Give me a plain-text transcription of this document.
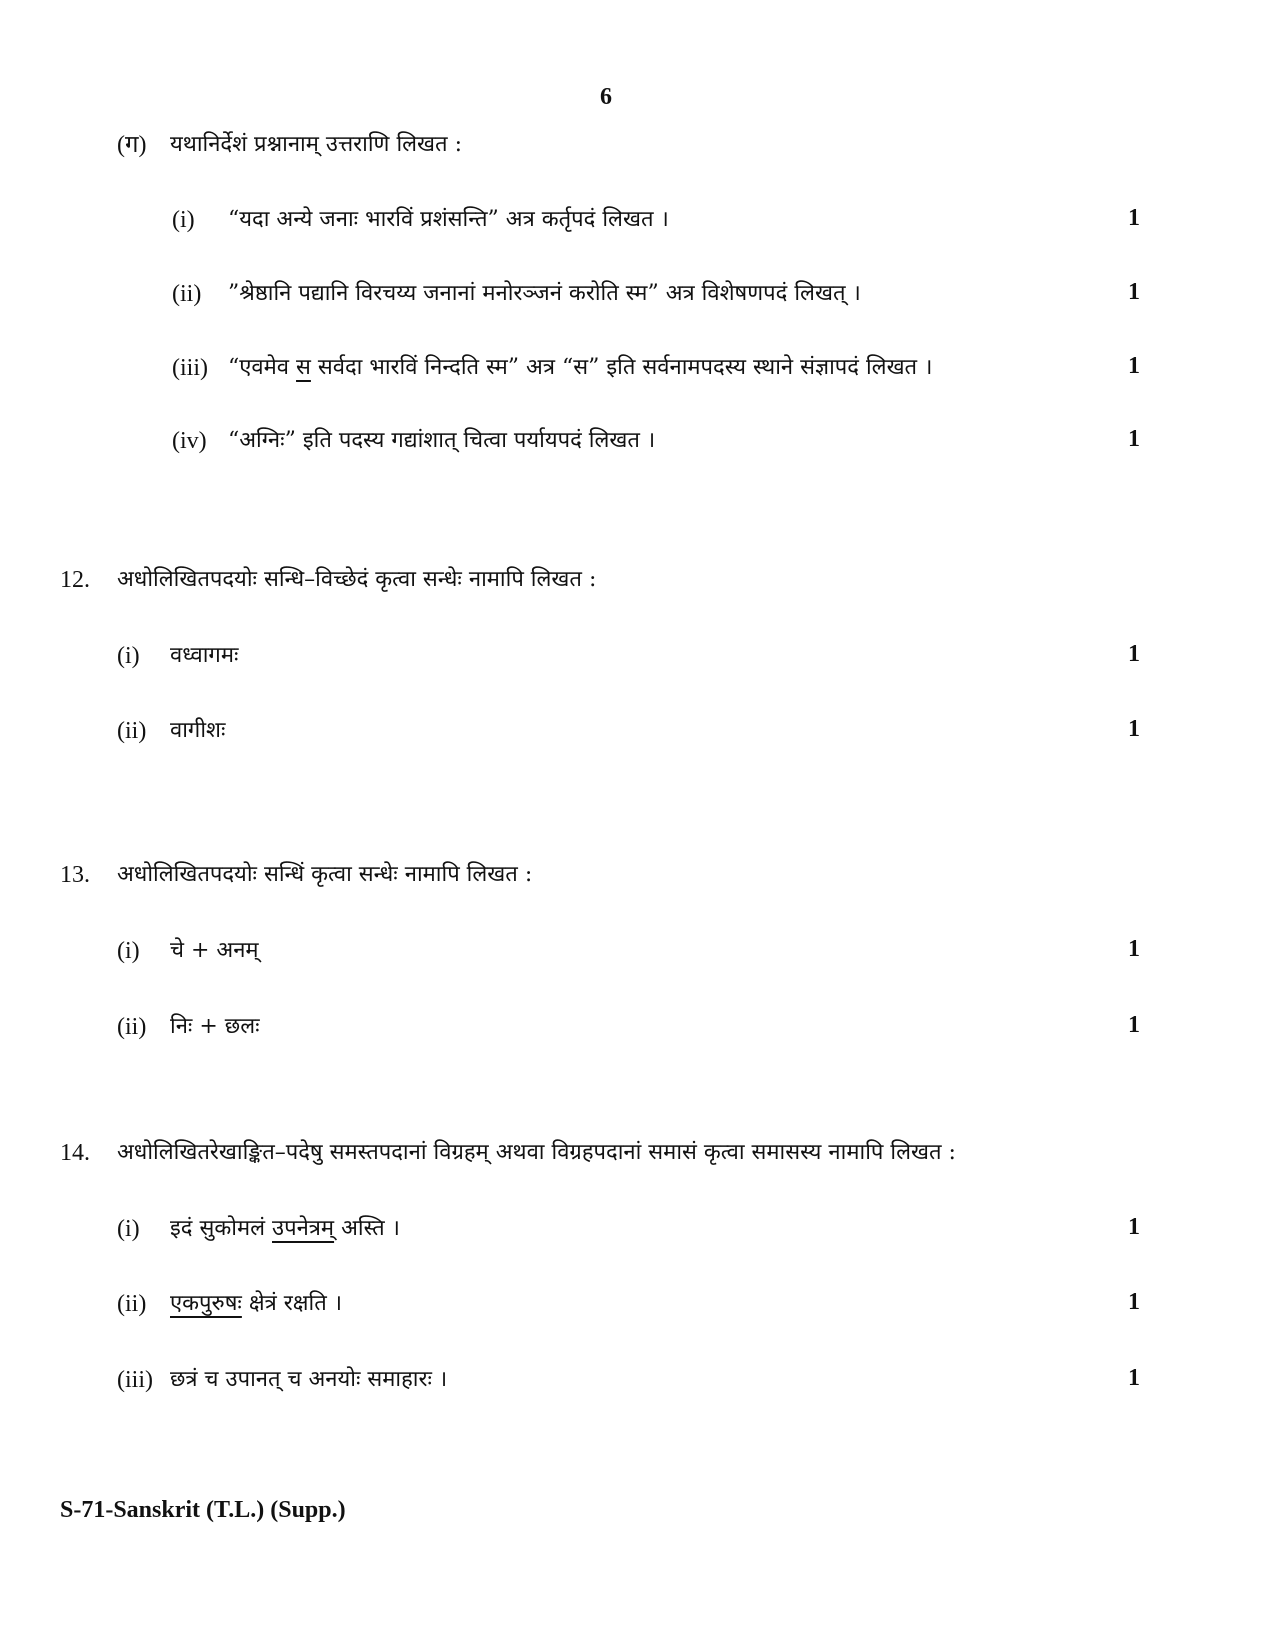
6
(ग) यथानिर्देशं प्रश्नानाम् उत्तराणि लिखत :
(i) “यदा अन्ये जनाः भारविं प्रशंसन्ति” अत्र कर्तृपदं लिखत ।	1
(ii) ”श्रेष्ठानि पद्यानि विरचय्य जनानां मनोरञ्जनं करोति स्म” अत्र विशेषणपदं लिखत् ।	1
(iii) “एवमेव स सर्वदा भारविं निन्दति स्म” अत्र “स” इति सर्वनामपदस्य स्थाने संज्ञापदं लिखत ।	1
(iv) “अग्निः” इति पदस्य गद्यांशात् चित्वा पर्यायपदं लिखत ।	1
12. अधोलिखितपदयोः सन्धि–विच्छेदं कृत्वा सन्धेः नामापि लिखत :
(i) वध्वागमः	1
(ii) वागीशः	1
13. अधोलिखितपदयोः सन्धिं कृत्वा सन्धेः नामापि लिखत :
(i) चे + अनम्	1
(ii) निः + छलः	1
14. अधोलिखितरेखाङ्कित–पदेषु समस्तपदानां विग्रहम् अथवा विग्रहपदानां समासं कृत्वा समासस्य नामापि लिखत :
(i) इदं सुकोमलं उपनेत्रम् अस्ति ।	1
(ii) एकपुरुषः क्षेत्रं रक्षति ।	1
(iii) छत्रं च उपानत् च अनयोः समाहारः ।	1
S-71-Sanskrit (T.L.) (Supp.)
